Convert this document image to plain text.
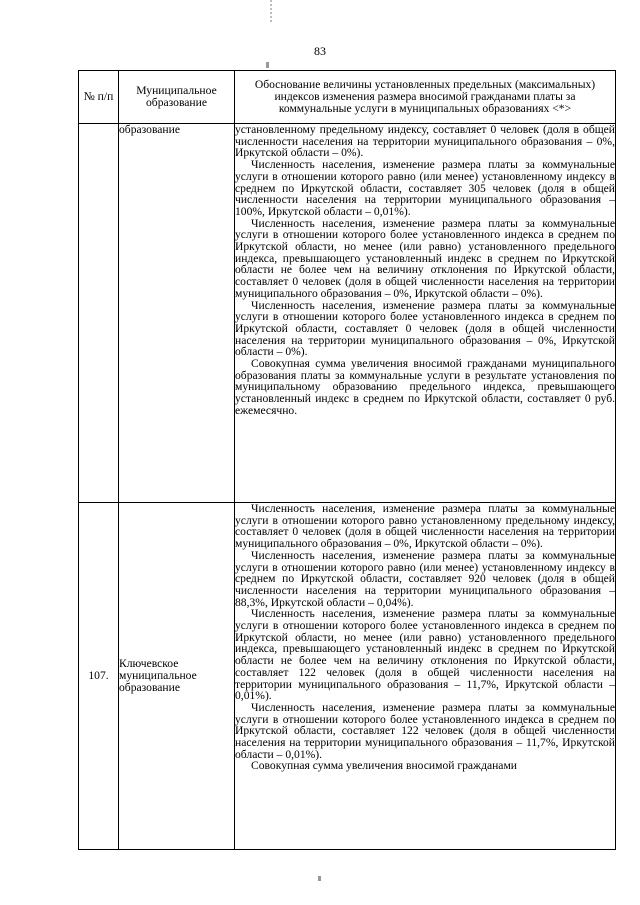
83
№ п/п	Муниципальное образование	Обоснование величины установленных предельных (максимальных) индексов изменения размера вносимой гражданами платы за коммунальные услуги в муниципальных образованиях <*>

	образование	установленному предельному индексу, составляет 0 человек (доля в общей численности населения на территории муниципального образования – 0%, Иркутской области – 0%).

Численность населения, изменение размера платы за коммунальные услуги в отношении которого равно (или менее) установленному индексу в среднем по Иркутской области, составляет 305 человек (доля в общей численности населения на территории муниципального образования – 100%, Иркутской области – 0,01%).

Численность населения, изменение размера платы за коммунальные услуги в отношении которого более установленного индекса в среднем по Иркутской области, но менее (или равно) установленного предельного индекса, превышающего установленный индекс в среднем по Иркутской области не более чем на величину отклонения по Иркутской области, составляет 0 человек (доля в общей численности населения на территории муниципального образования – 0%, Иркутской области – 0%).

Численность населения, изменение размера платы за коммунальные услуги в отношении которого более установленного индекса в среднем по Иркутской области, составляет 0 человек (доля в общей численности населения на территории муниципального образования – 0%, Иркутской области – 0%).

Совокупная сумма увеличения вносимой гражданами муниципального образования платы за коммунальные услуги в результате установления по муниципальному образованию предельного индекса, превышающего установленный индекс в среднем по Иркутской области, составляет 0 руб. ежемесячно.

107.	Ключевское муниципальное образование	Численность населения, изменение размера платы за коммунальные услуги в отношении которого равно установленному предельному индексу, составляет 0 человек (доля в общей численности населения на территории муниципального образования – 0%, Иркутской области – 0%).

Численность населения, изменение размера платы за коммунальные услуги в отношении которого равно (или менее) установленному индексу в среднем по Иркутской области, составляет 920 человек (доля в общей численности населения на территории муниципального образования – 88,3%, Иркутской области – 0,04%).

Численность населения, изменение размера платы за коммунальные услуги в отношении которого более установленного индекса в среднем по Иркутской области, но менее (или равно) установленного предельного индекса, превышающего установленный индекс в среднем по Иркутской области не более чем на величину отклонения по Иркутской области, составляет 122 человек (доля в общей численности населения на территории муниципального образования – 11,7%, Иркутской области – 0,01%).

Численность населения, изменение размера платы за коммунальные услуги в отношении которого более установленного индекса в среднем по Иркутской области, составляет 122 человек (доля в общей численности населения на территории муниципального образования – 11,7%, Иркутской области – 0,01%).

Совокупная сумма увеличения вносимой гражданами
